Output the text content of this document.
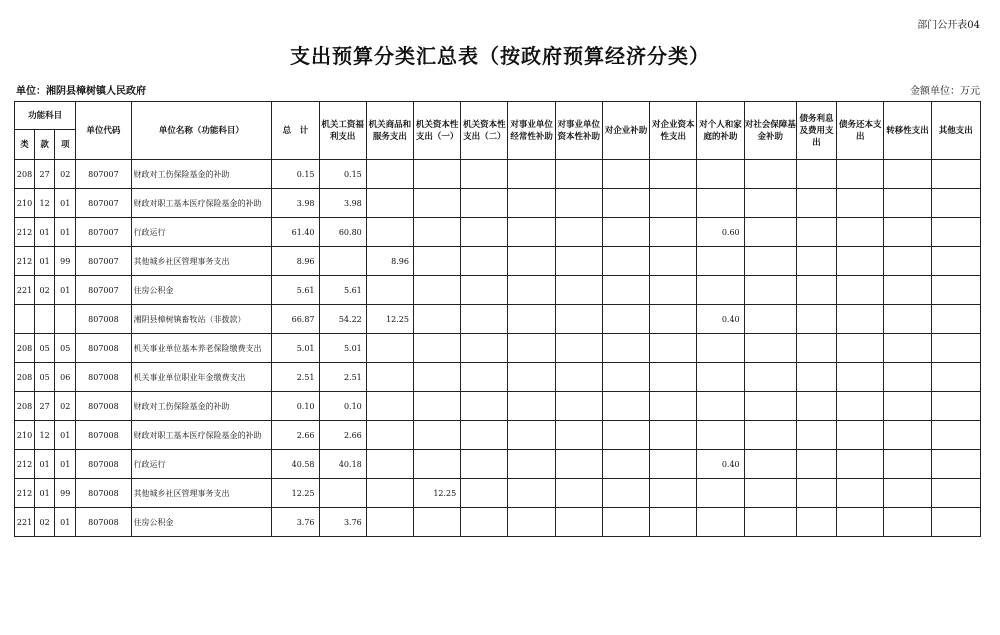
部门公开表04
支出预算分类汇总表（按政府预算经济分类）
单位：湘阴县樟树镇人民政府	金额单位：万元
功能科目			单位代码	单位名称（功能科目）	总　计	机关工资福利支出	机关商品和服务支出	机关资本性支出（一）	机关资本性支出（二）	对事业单位经常性补助	对事业单位资本性补助	对企业补助	对企业资本性支出	对个人和家庭的补助	对社会保障基金补助	债务利息及费用支出	债务还本支出	转移性支出	其他支出
类	款	项																	
208	27	02	807007	财政对工伤保险基金的补助	0.15	0.15													
210	12	01	807007	财政对职工基本医疗保险基金的补助	3.98	3.98													
212	01	01	807007	行政运行	61.40	60.80								0.60					
212	01	99	807007	其他城乡社区管理事务支出	8.96		8.96												
221	02	01	807007	住房公积金	5.61	5.61													
			807008	湘阴县樟树镇畜牧站（非拨款）	66.87	54.22	12.25							0.40					
208	05	05	807008	机关事业单位基本养老保险缴费支出	5.01	5.01													
208	05	06	807008	机关事业单位职业年金缴费支出	2.51	2.51													
208	27	02	807008	财政对工伤保险基金的补助	0.10	0.10													
210	12	01	807008	财政对职工基本医疗保险基金的补助	2.66	2.66													
212	01	01	807008	行政运行	40.58	40.18								0.40					
212	01	99	807008	其他城乡社区管理事务支出	12.25			12.25											
221	02	01	807008	住房公积金	3.76	3.76													
